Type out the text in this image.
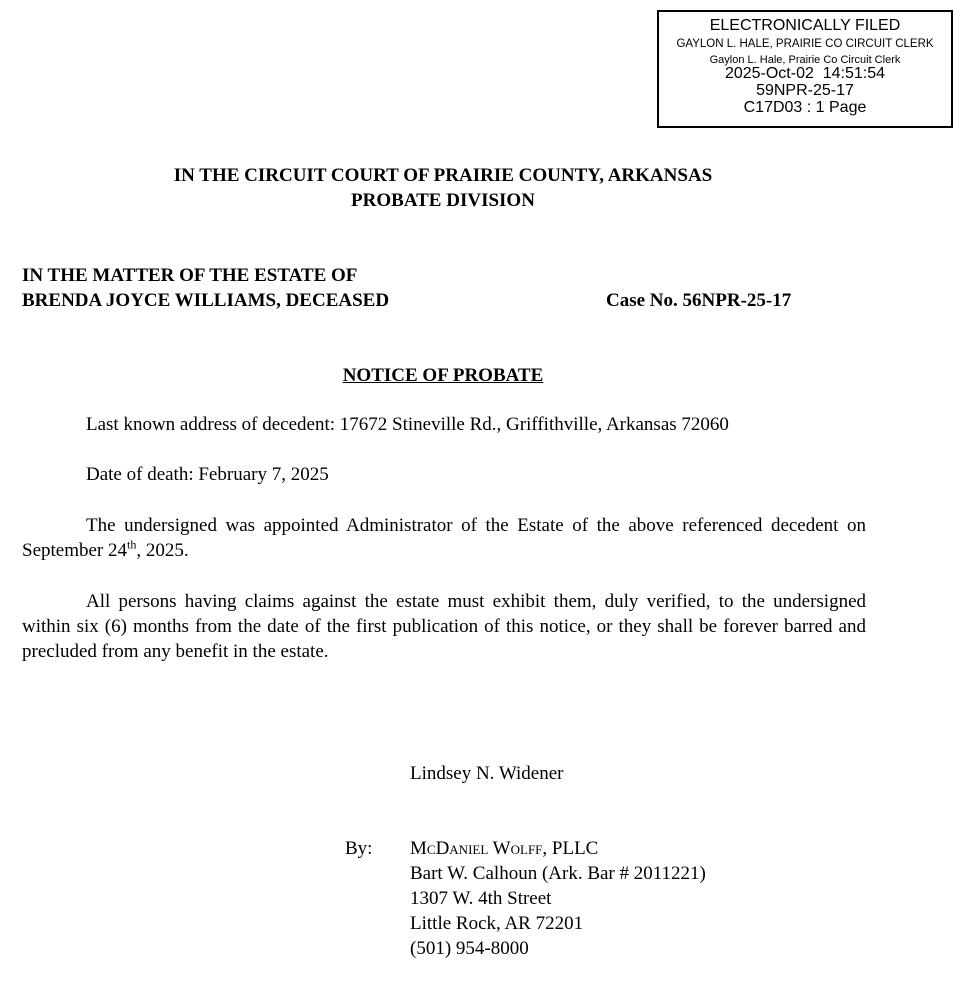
ELECTRONICALLY FILED
GAYLON L. HALE, PRAIRIE CO CIRCUIT CLERK
Gaylon L. Hale, Prairie Co Circuit Clerk
2025-Oct-02  14:51:54
59NPR-25-17
C17D03 : 1 Page
IN THE CIRCUIT COURT OF PRAIRIE COUNTY, ARKANSAS
PROBATE DIVISION
IN THE MATTER OF THE ESTATE OF
BRENDA JOYCE WILLIAMS, DECEASED	Case No. 56NPR-25-17
NOTICE OF PROBATE
Last known address of decedent: 17672 Stineville Rd., Griffithville, Arkansas 72060
Date of death: February 7, 2025
The undersigned was appointed Administrator of the Estate of the above referenced decedent on September 24th, 2025.
All persons having claims against the estate must exhibit them, duly verified, to the undersigned within six (6) months from the date of the first publication of this notice, or they shall be forever barred and precluded from any benefit in the estate.
Lindsey N. Widener
By: McDaniel Wolff, PLLC
Bart W. Calhoun (Ark. Bar # 2011221)
1307 W. 4th Street
Little Rock, AR 72201
(501) 954-8000
